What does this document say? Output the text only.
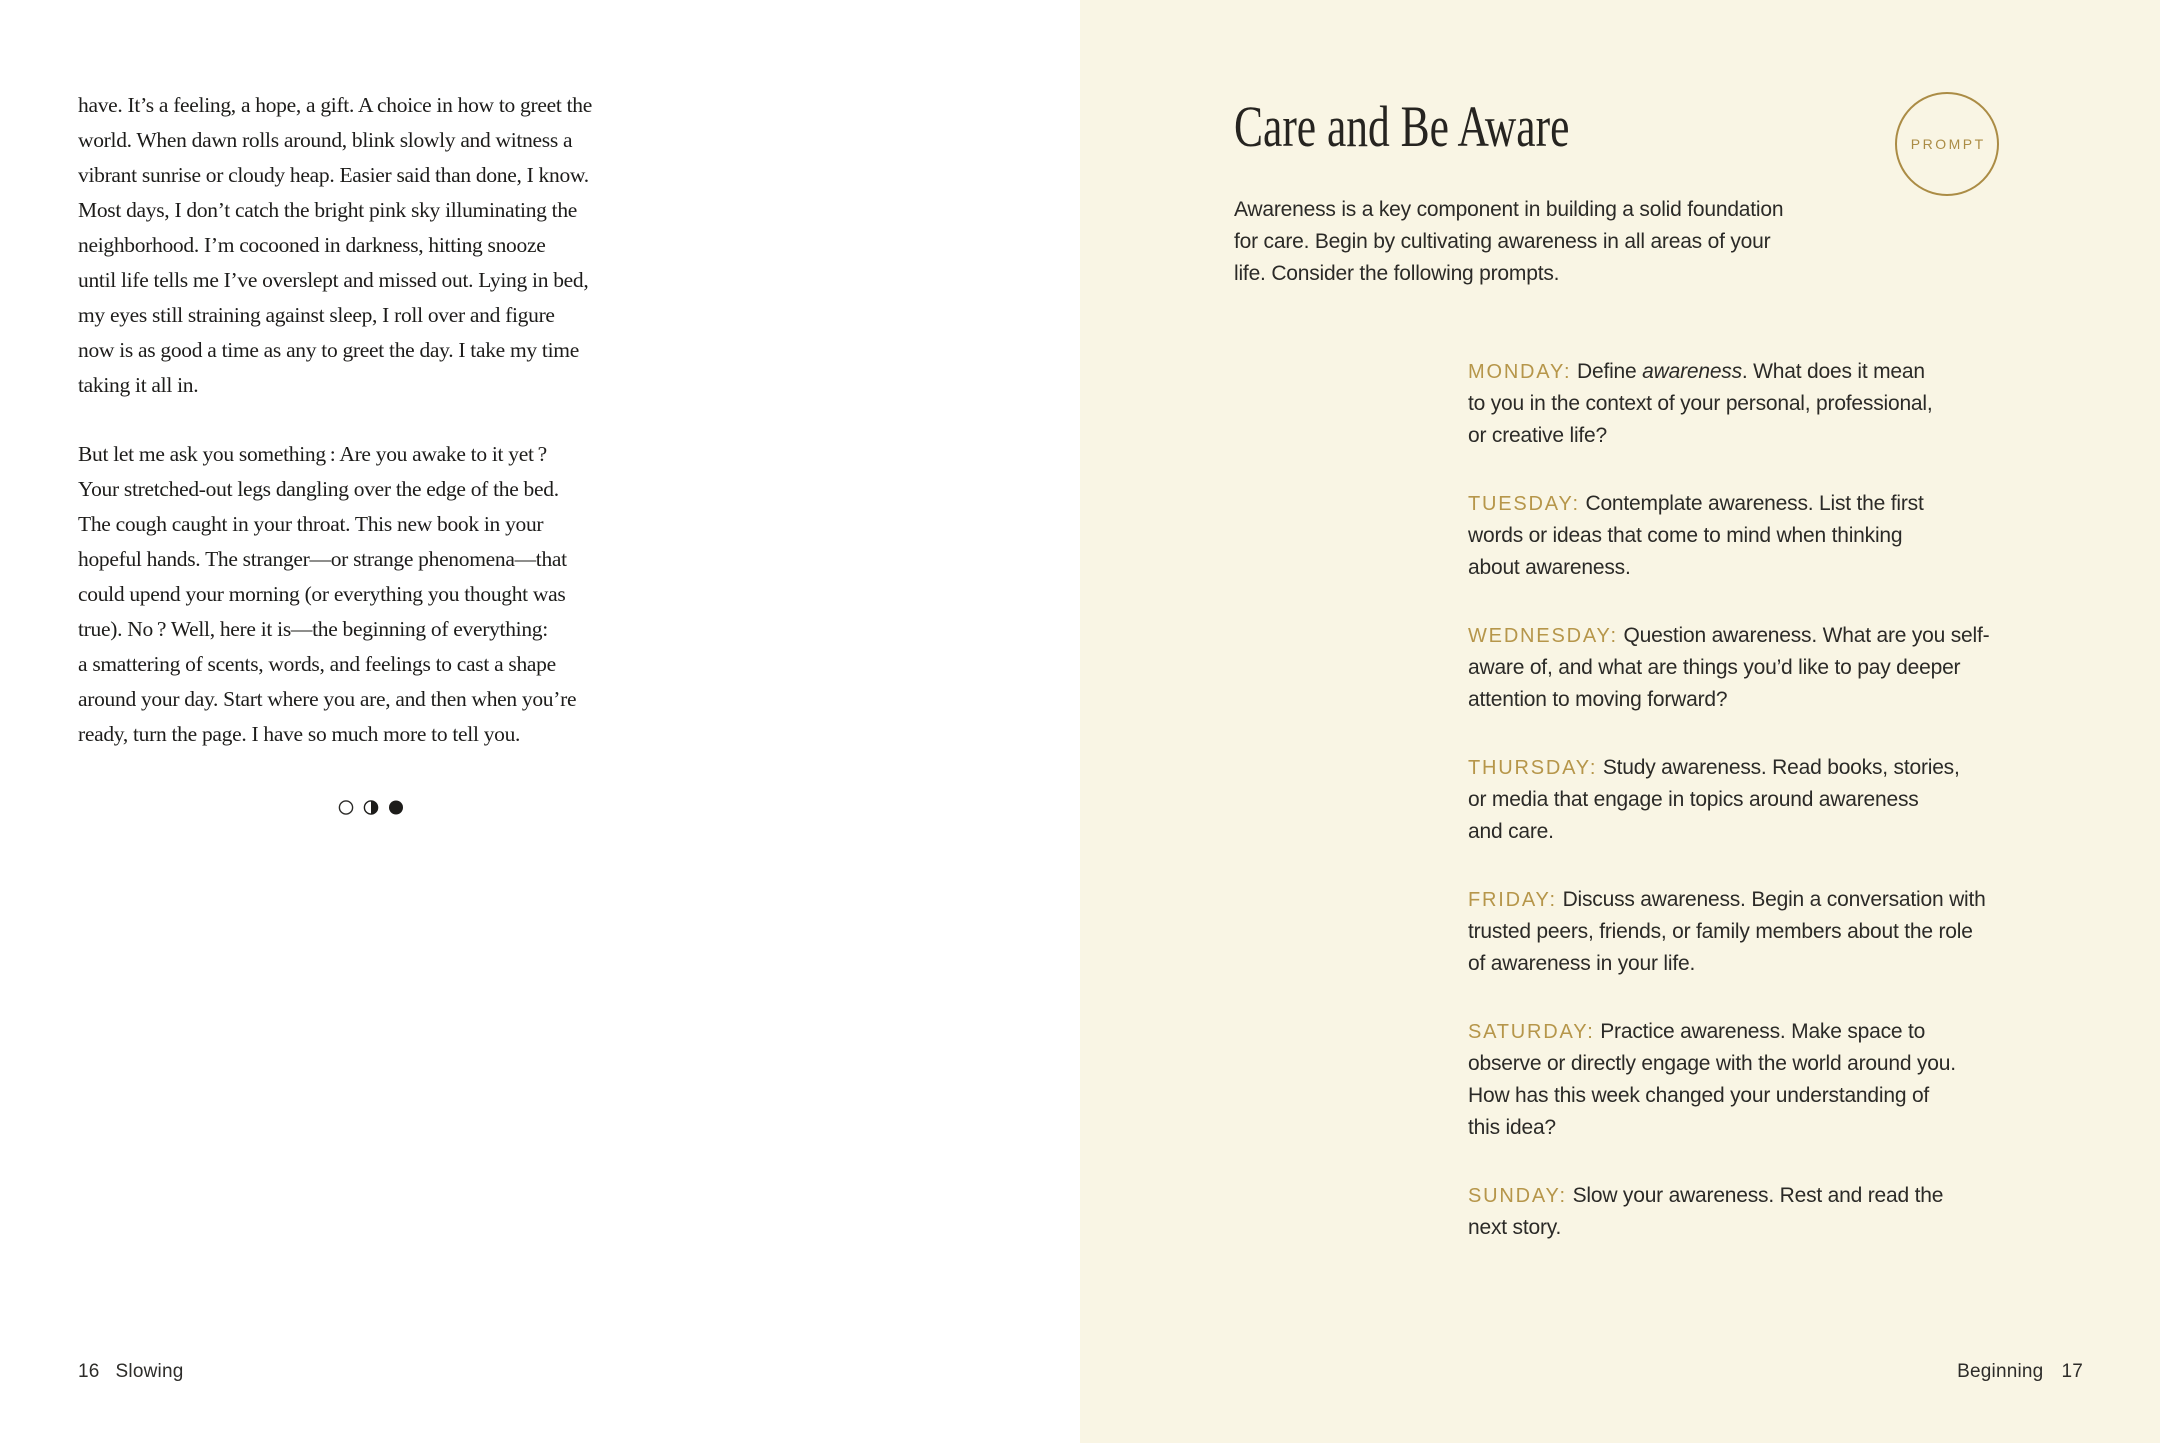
have. It’s a feeling, a hope, a gift. A choice in how to greet the
world. When dawn rolls around, blink slowly and witness a
vibrant sunrise or cloudy heap. Easier said than done, I know.
Most days, I don’t catch the bright pink sky illuminating the
neighborhood. I’m cocooned in darkness, hitting snooze
until life tells me I’ve overslept and missed out. Lying in bed,
my eyes still straining against sleep, I roll over and figure
now is as good a time as any to greet the day. I take my time
taking it all in.

But let me ask you something : Are you awake to it yet ?
Your stretched-out legs dangling over the edge of the bed.
The cough caught in your throat. This new book in your
hopeful hands. The stranger—or strange phenomena—that
could upend your morning (or everything you thought was
true). No ? Well, here it is—the beginning of everything:
a smattering of scents, words, and feelings to cast a shape
around your day. Start where you are, and then when you’re
ready, turn the page. I have so much more to tell you.

16 Slowing
Care and Be Aware	PROMPT

Awareness is a key component in building a solid foundation
for care. Begin by cultivating awareness in all areas of your
life. Consider the following prompts.

MONDAY: Define awareness. What does it mean
to you in the context of your personal, professional,
or creative life?

TUESDAY: Contemplate awareness. List the first
words or ideas that come to mind when thinking
about awareness.

WEDNESDAY: Question awareness. What are you self-
aware of, and what are things you’d like to pay deeper
attention to moving forward?

THURSDAY: Study awareness. Read books, stories,
or media that engage in topics around awareness
and care.

FRIDAY: Discuss awareness. Begin a conversation with
trusted peers, friends, or family members about the role
of awareness in your life.

SATURDAY: Practice awareness. Make space to
observe or directly engage with the world around you.
How has this week changed your understanding of
this idea?

SUNDAY: Slow your awareness. Rest and read the
next story.

Beginning 17
